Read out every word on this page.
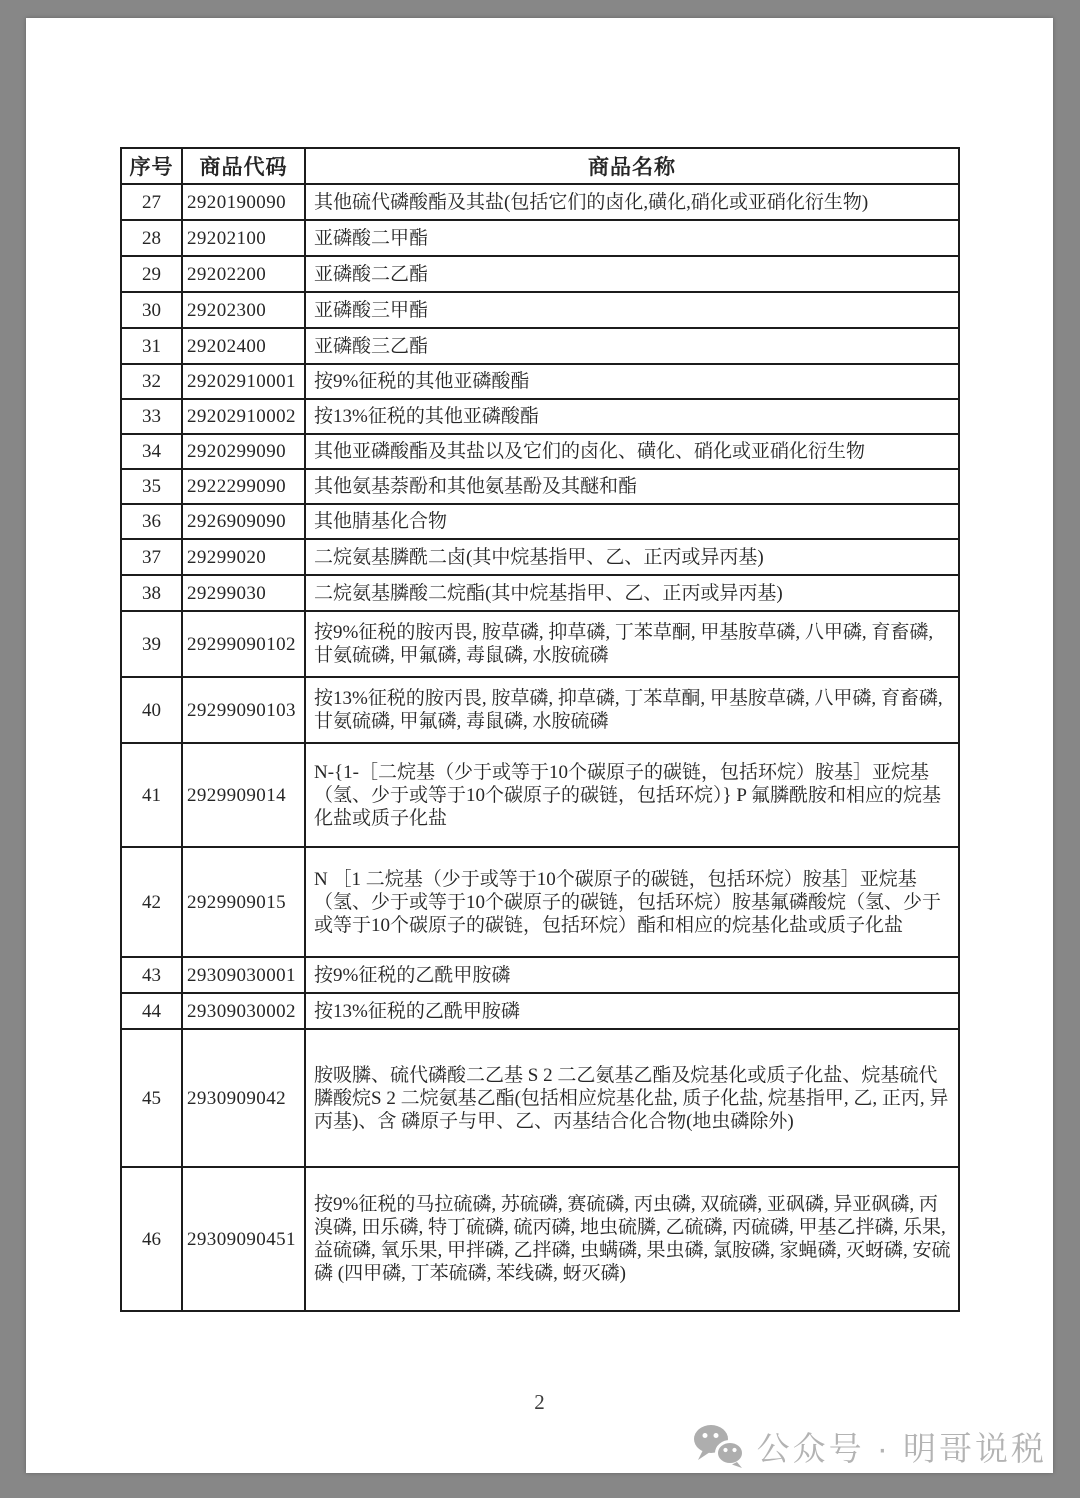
序号	商品代码	商品名称
27	2920190090	其他硫代磷酸酯及其盐(包括它们的卤化,磺化,硝化或亚硝化衍生物)
28	29202100	亚磷酸二甲酯
29	29202200	亚磷酸二乙酯
30	29202300	亚磷酸三甲酯
31	29202400	亚磷酸三乙酯
32	29202910001	按9%征税的其他亚磷酸酯
33	29202910002	按13%征税的其他亚磷酸酯
34	2920299090	其他亚磷酸酯及其盐以及它们的卤化、磺化、硝化或亚硝化衍生物
35	2922299090	其他氨基萘酚和其他氨基酚及其醚和酯
36	2926909090	其他腈基化合物
37	29299020	二烷氨基膦酰二卤(其中烷基指甲、乙、正丙或异丙基)
38	29299030	二烷氨基膦酸二烷酯(其中烷基指甲、乙、正丙或异丙基)
39	29299090102	按9%征税的胺丙畏, 胺草磷, 抑草磷, 丁苯草酮, 甲基胺草磷, 八甲磷, 育畜磷, 甘氨硫磷, 甲氟磷, 毒鼠磷, 水胺硫磷
40	29299090103	按13%征税的胺丙畏, 胺草磷, 抑草磷, 丁苯草酮, 甲基胺草磷, 八甲磷, 育畜磷, 甘氨硫磷, 甲氟磷, 毒鼠磷, 水胺硫磷
41	2929909014	N-{1-［二烷基（少于或等于10个碳原子的碳链，包括环烷）胺基］亚烷基（氢、少于或等于10个碳原子的碳链，包括环烷）} P 氟膦酰胺和相应的烷基化盐或质子化盐
42	2929909015	N ［1 二烷基（少于或等于10个碳原子的碳链，包括环烷）胺基］亚烷基（氢、少于或等于10个碳原子的碳链，包括环烷）胺基氟磷酸烷（氢、少于或等于10个碳原子的碳链，包括环烷）酯和相应的烷基化盐或质子化盐
43	29309030001	按9%征税的乙酰甲胺磷
44	29309030002	按13%征税的乙酰甲胺磷
45	2930909042	胺吸膦、硫代磷酸二乙基 S 2 二乙氨基乙酯及烷基化或质子化盐、烷基硫代膦酸烷S 2 二烷氨基乙酯(包括相应烷基化盐, 质子化盐, 烷基指甲, 乙, 正丙, 异丙基)、含 磷原子与甲、乙、丙基结合化合物(地虫磷除外)
46	29309090451	按9%征税的马拉硫磷, 苏硫磷, 赛硫磷, 丙虫磷, 双硫磷, 亚砜磷, 异亚砜磷, 丙溴磷, 田乐磷, 特丁硫磷, 硫丙磷, 地虫硫膦, 乙硫磷, 丙硫磷, 甲基乙拌磷, 乐果, 益硫磷, 氧乐果, 甲拌磷, 乙拌磷, 虫螨磷, 果虫磷, 氯胺磷, 家蝇磷, 灭蚜磷, 安硫磷 (四甲磷, 丁苯硫磷, 苯线磷, 蚜灭磷)
2
公众号 · 明哥说税
